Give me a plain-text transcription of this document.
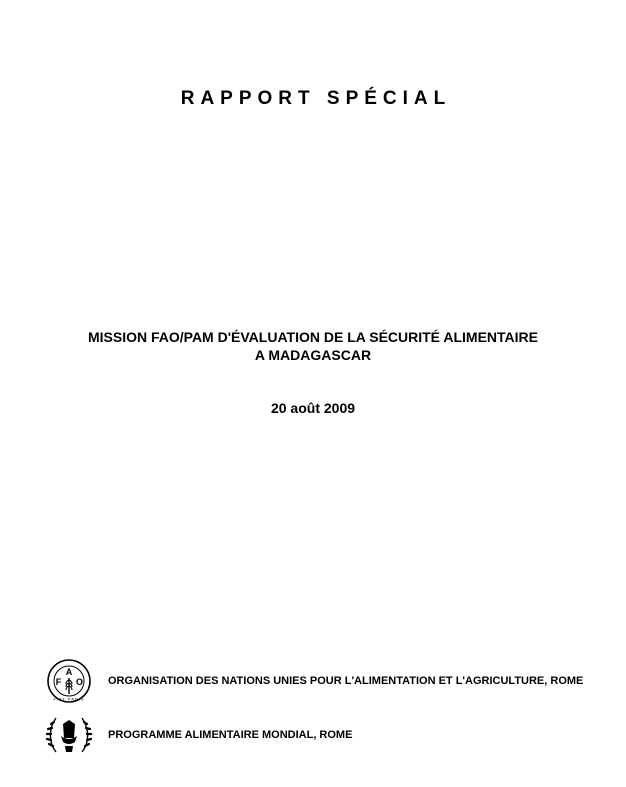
RAPPORT SPÉCIAL
MISSION FAO/PAM D'ÉVALUATION DE LA SÉCURITÉ ALIMENTAIRE
A MADAGASCAR
20 août 2009
A
F O
FIAT PANIS
ORGANISATION DES NATIONS UNIES POUR L'ALIMENTATION ET L'AGRICULTURE, ROME
PROGRAMME ALIMENTAIRE MONDIAL, ROME
